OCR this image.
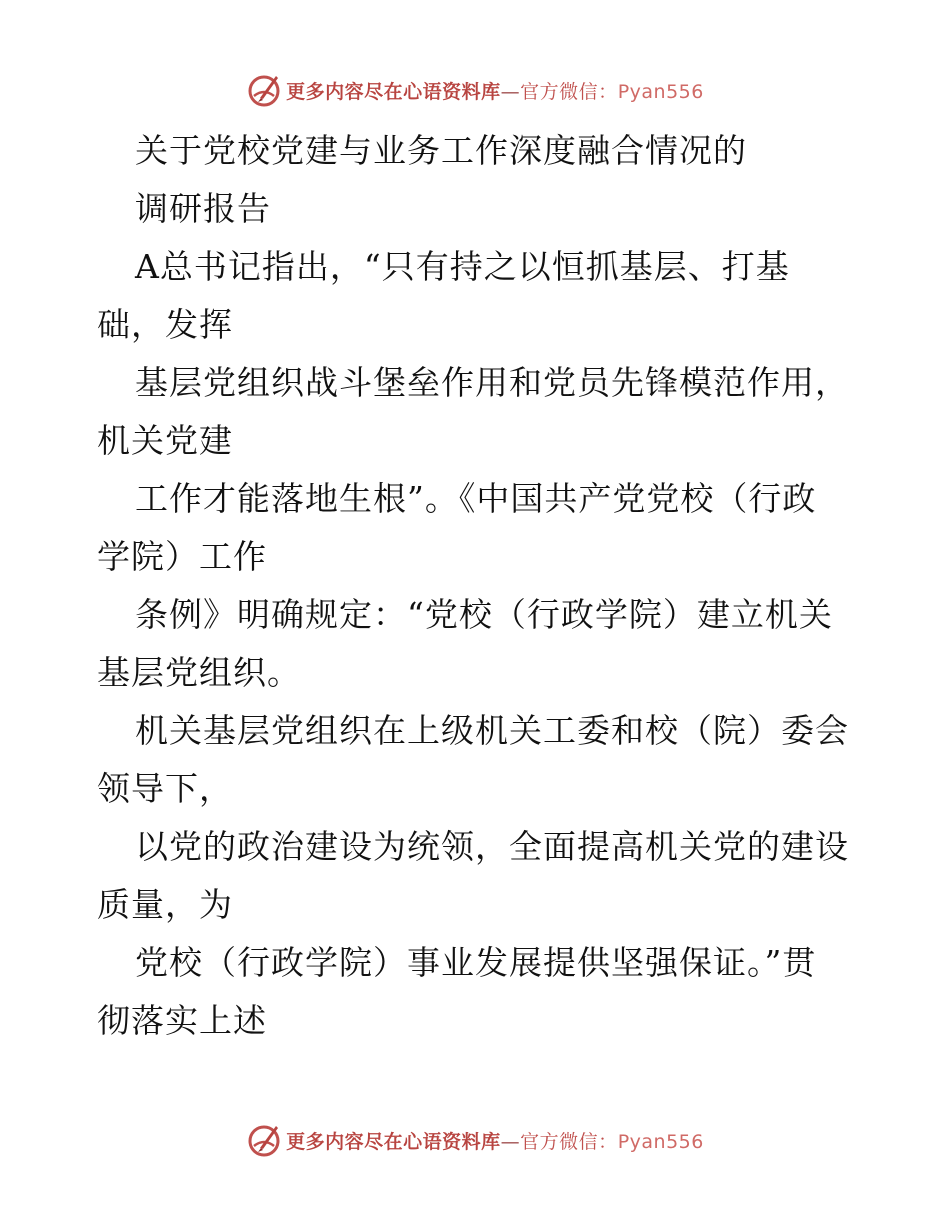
更多内容尽在心语资料库—官方微信：Pyan556
关于党校党建与业务工作深度融合情况的
调研报告
A总书记指出，“只有持之以恒抓基层、打基
础，发挥
基层党组织战斗堡垒作用和党员先锋模范作用，
机关党建
工作才能落地生根”。《中国共产党党校（行政
学院）工作
条例》明确规定：“党校（行政学院）建立机关
基层党组织。
机关基层党组织在上级机关工委和校（院）委会
领导下，
以党的政治建设为统领，全面提高机关党的建设
质量，为
党校（行政学院）事业发展提供坚强保证。”贯
彻落实上述
更多内容尽在心语资料库—官方微信：Pyan556
